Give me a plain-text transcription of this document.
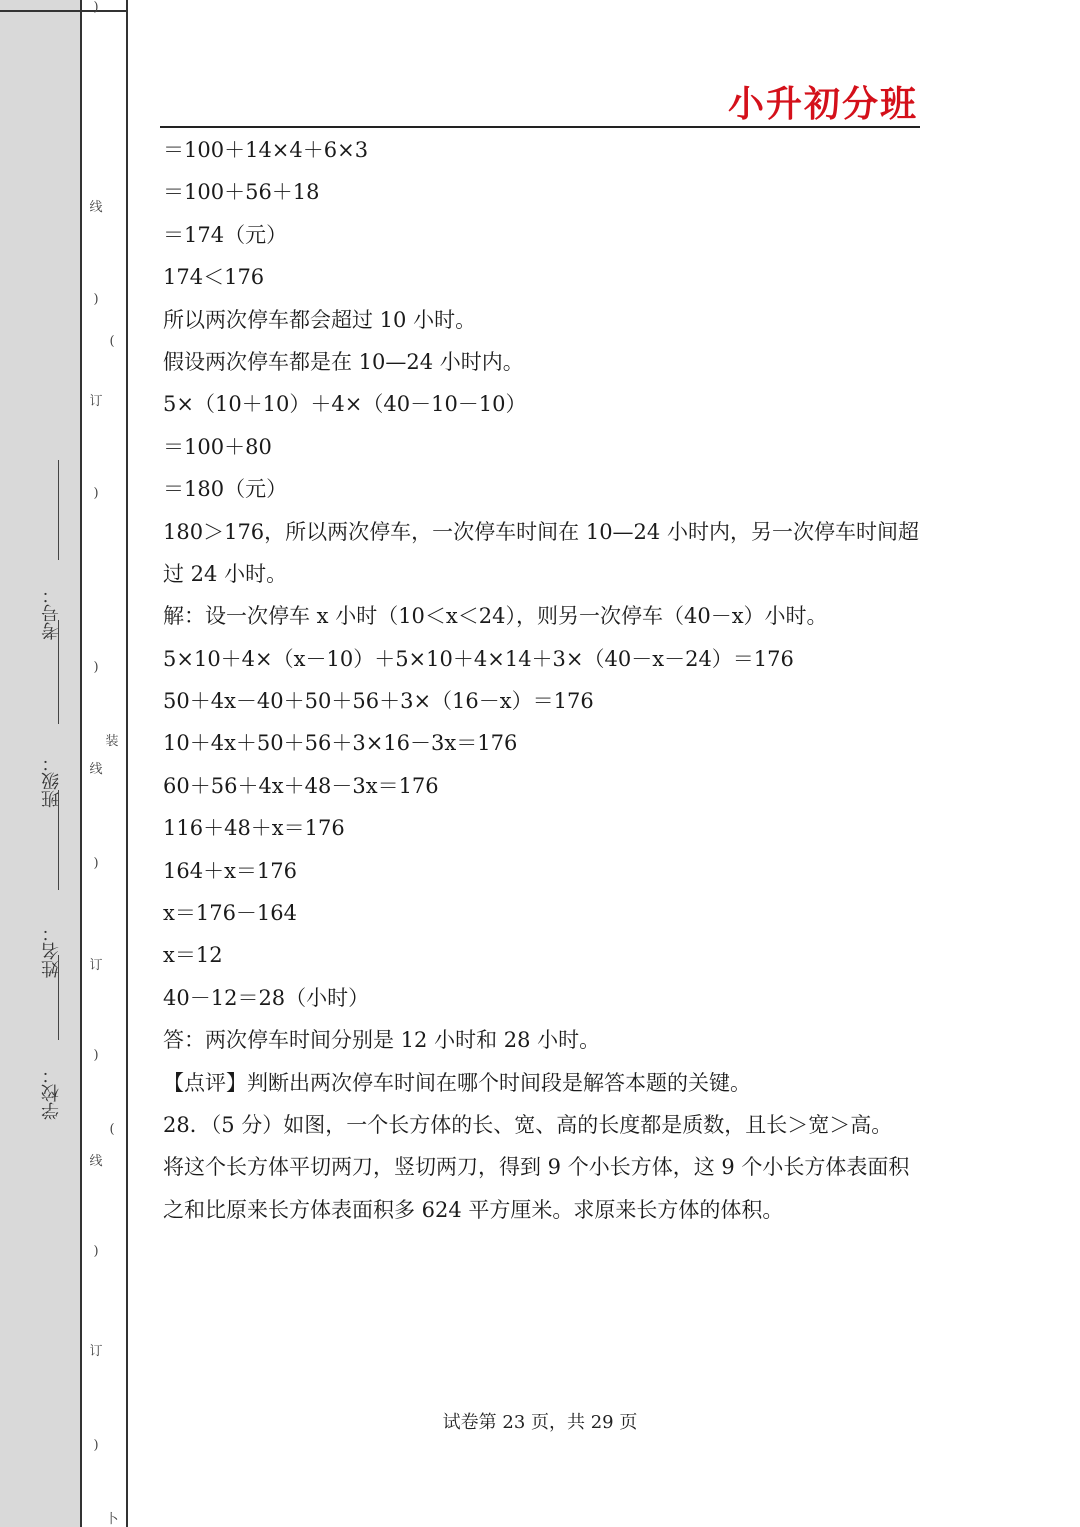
考号：
班级：
姓名：
学校：
)
线
)
(
订
)
)
装
线
)
订
)
(
线
)
订
)
卜
小升初分班
＝100＋14×4＋6×3
＝100＋56＋18
＝174（元）
174＜176
所以两次停车都会超过 10 小时。
假设两次停车都是在 10—24 小时内。
5×（10＋10）＋4×（40－10－10）
＝100＋80
＝180（元）
180＞176，所以两次停车，一次停车时间在 10—24 小时内，另一次停车时间超
过 24 小时。
解：设一次停车 x 小时（10＜x＜24），则另一次停车（40－x）小时。
5×10＋4×（x－10）＋5×10＋4×14＋3×（40－x－24）＝176
50＋4x－40＋50＋56＋3×（16－x）＝176
10＋4x＋50＋56＋3×16－3x＝176
60＋56＋4x＋48－3x＝176
116＋48＋x＝176
164＋x＝176
x＝176－164
x＝12
40－12＝28（小时）
答：两次停车时间分别是 12 小时和 28 小时。
【点评】判断出两次停车时间在哪个时间段是解答本题的关键。
28．（5 分）如图，一个长方体的长、宽、高的长度都是质数，且长＞宽＞高。
将这个长方体平切两刀，竖切两刀，得到 9 个小长方体，这 9 个小长方体表面积
之和比原来长方体表面积多 624 平方厘米。求原来长方体的体积。
试卷第 23 页，共 29 页
